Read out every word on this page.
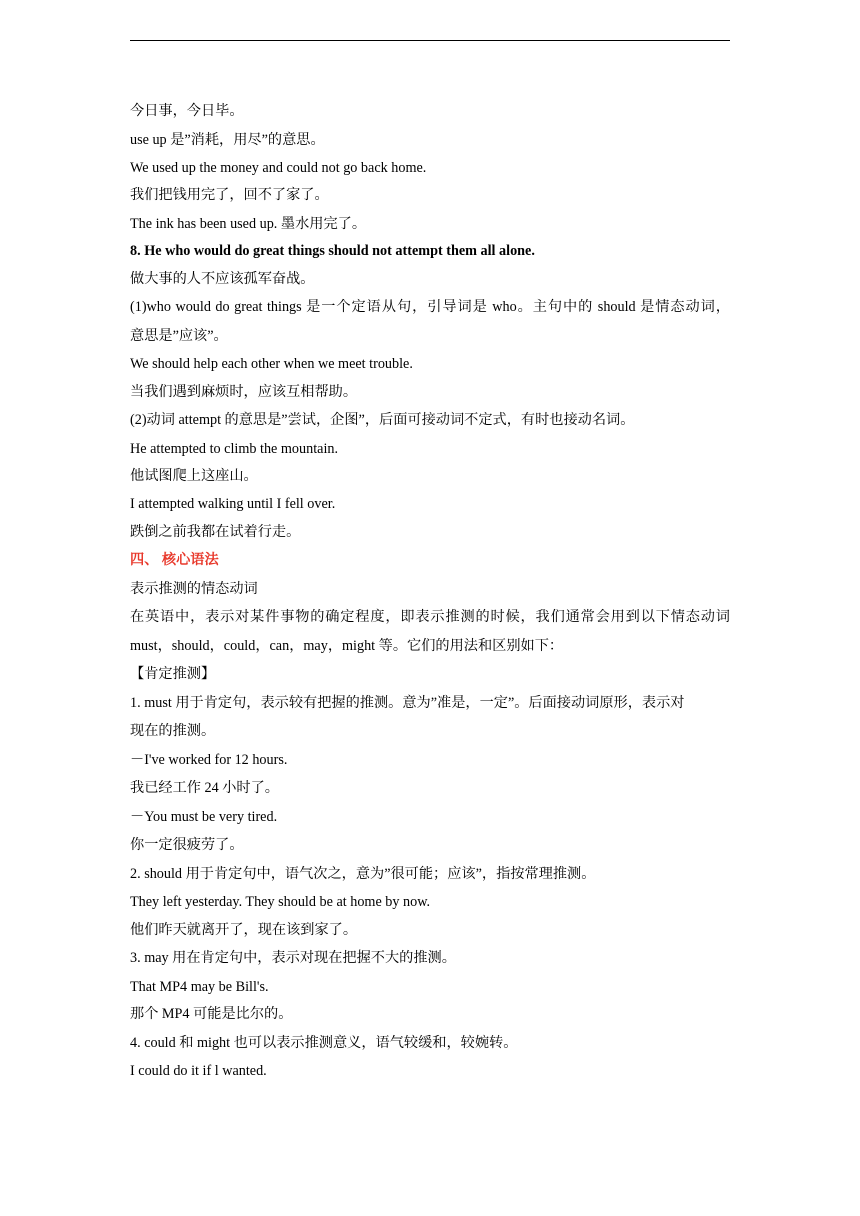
今日事，今日毕。
use up 是”消耗，用尽”的意思。
We used up the money and could not go back home.
我们把钱用完了，回不了家了。
The ink has been used up. 墨水用完了。
8. He who would do great things should not attempt them all alone.
做大事的人不应该孤军奋战。
(1)who would do great things 是一个定语从句，引导词是 who。主句中的 should 是情态动词，
意思是”应该”。
We should help each other when we meet trouble.
当我们遇到麻烦时，应该互相帮助。
(2)动词 attempt 的意思是”尝试，企图”，后面可接动词不定式，有时也接动名词。
He attempted to climb the mountain.
他试图爬上这座山。
I attempted walking until I fell over.
跌倒之前我都在试着行走。
四、 核心语法
表示推测的情态动词
在英语中，表示对某件事物的确定程度，即表示推测的时候，我们通常会用到以下情态动词
must，should，could，can，may，might 等。它们的用法和区别如下：
【肯定推测】
1. must 用于肯定句，表示较有把握的推测。意为”准是，一定”。后面接动词原形，表示对
现在的推测。
－I've worked for 12 hours.
我已经工作 24 小时了。
－You must be very tired.
你一定很疲劳了。
2. should 用于肯定句中，语气次之，意为”很可能；应该”，指按常理推测。
They left yesterday. They should be at home by now.
他们昨天就离开了，现在该到家了。
3. may 用在肯定句中，表示对现在把握不大的推测。
That MP4 may be Bill's.
那个 MP4 可能是比尔的。
4. could 和 might 也可以表示推测意义，语气较缓和，较婉转。
I could do it if l wanted.
